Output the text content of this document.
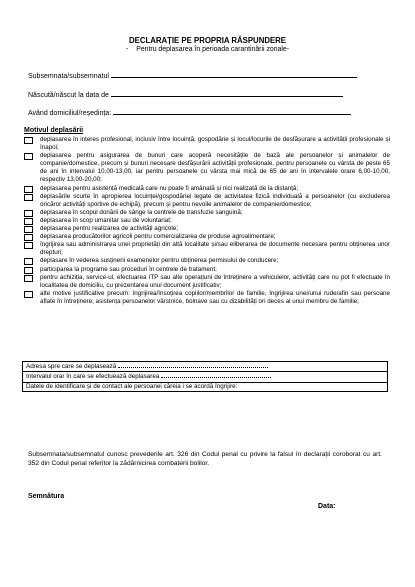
DECLARAȚIE PE PROPRIA RĂSPUNDERE
- Pentru deplasarea în perioada carantinării zonale-
Subsemnata/subsemnatul
Născută/născut la data de
Având domiciliul/reședința:
Motivul deplasării
deplasarea în interes profesional, inclusiv între locuință, gospodărie și locul/locurile de desfășurare a activității profesionale și înapoi;
deplasarea pentru asigurarea de bunuri care acoperă necesitățile de bază ale persoanelor și animalelor de companie/domestice, precum și bunuri necesare desfășurării activității profesionale, pentru persoanele cu vârsta de peste 65 de ani în intervalul 10,00-13,00, iar pentru persoanele cu vârsta mai mică de 65 de ani în intervalele orare 6,00-10,00, respectiv 13,00-20,00;
deplasarea pentru asistență medicală care nu poate fi amânată și nici realizată de la distanță;
deplasările scurte în apropierea locuinței/gospodăriei legate de activitatea fizică individuală a persoanelor (cu excluderea oricăror activități sportive de echipă), precum și pentru nevoile animalelor de companie/domestice;
deplasarea în scopul donării de sânge la centrele de transfuzie sanguină;
deplasarea în scop umanitar sau de voluntariat;
deplasarea pentru realizarea de activități agricole;
deplasarea producătorilor agricoli pentru comercializarea de produse agroalimentare;
îngrijirea sau administrarea unei proprietăți din altă localitate și/sau eliberarea de documente necesare pentru obținerea unor drepturi;
deplasare în vederea susținerii examenelor pentru obținerea permisului de conducere;
participarea la programe sau proceduri în centrele de tratament;
pentru achiziția, service-ul, efectuarea ITP sau alte operațiuni de întreținere a vehiculelor, activități care nu pot fi efectuate în localitatea de domiciliu, cu prezentarea unui document justificativ;
alte motive justificative precum: îngrijirea/însoțirea copiilor/membrilor de familie, îngrijirea unei/unui rude/afin sau persoane aflate în întreținere, asistența persoanelor vârstnice, bolnave sau cu dizabilități ori deces al unui membru de familie;
Adresa spre care se deplasează
Intervalul orar în care se efectuează deplasarea
Datele de identificare și de contact ale persoanei căreia i se acordă îngrijire:
Subsemnata/subsemnatul cunosc prevederile art. 326 din Codul penal cu privire la falsul în declarații coroborat cu art. 352 din Codul penal referitor la zădărnicirea combaterii bolilor.
Semnătura
Data:
